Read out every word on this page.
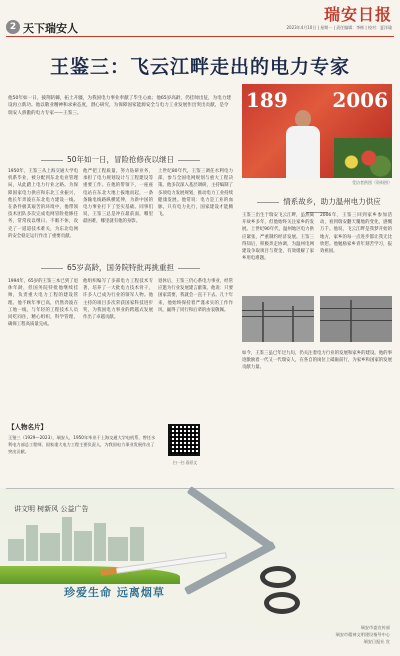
2 天下瑞安人
瑞安日报
2023年4月10日 | 星期一 | 责任编辑：李彬 | 校对：夏洋瑜
王鉴三：飞云江畔走出的电力专家
他50年如一日，披荆斩棘，拓土开疆，为我国电力事业奉献了毕生心血；他65岁高龄，仍挂帅出征，为电力建设再立新功。他以敬业精神和求索态度，潜心研究，为保障国家能源安全与电力工业发展作出突出贡献，是令瑞安人骄傲的电力专家——王鉴三。
189 2006
受访者供图（资料图）
50年如一日，冒险抢修夜以继日
1950年，王鉴三从上海交通大学电机系毕业，被分配到东北电业管理局，从此踏上电力行业之路。为保障国家电力供应和东北工业振兴，他长年奔波在东北电力建设一线。在条件极其艰苦的环境中，他带领技术团队多次完成电网冒险抢修任务，常常夜以继日、不眠不休，攻克了一道道技术难关，为东北电网的安全稳定运行作出了重要贡献。
他严把工程质量，努力钻研业务，承担了电力规划设计与工程建设等重要工作。在他的带领下，一座座电站在东北大地上拔地而起，一条条输电线路纵横延伸，为新中国的电力事业打下了坚实基础。同事们说，王鉴三总是冲在最前面，哪里最困难，哪里就有他的身影。
上世纪80年代，王鉴三调任水利电力部，参与全国电网规划与重大工程决策。他多次深入基层调研，主持编制了多项电力发展规划，推动电力工业持续健康发展。他常说：电力是工业的血脉，只有电力先行，国家建设才能腾飞。
65岁高龄，国务院特批再挑重担
1994年，65岁的王鉴三本已到了退休年龄，但国务院特批他继续挂帅，负责重大电力工程的建设管理。他不顾年事已高，仍然奔波在工地一线，与年轻的工程技术人员同吃同住，精心组织，科学管理，确保工程高质量完成。
他组织编写了多部电力工程技术专著，培养了一大批电力技术骨干，许多人已成为行业的领军人物。他主持的项目多次荣获国家科技进步奖，为我国电力事业的跨越式发展作出了卓越贡献。
退休后，王鉴三仍心系电力事业，经常应邀为行业发展建言献策。他说：只要国家需要，我就会一直干下去。几十年来，他始终保持着严谨求实的工作作风，赢得了同行和后辈的由衷敬佩。
情系故乡，助力温州电力供应
王鉴三出生于瑞安飞云江畔，虽然离开故乡多年，但他始终关注家乡的发展。上世纪90年代，温州地区电力供应紧张，严重制约经济发展。王鉴三得知后，积极奔走协调，为温州电网建设争取项目与资金，有效缓解了家乡用电难题。
2006年，王鉴三回到家乡参加活动，看到瑞安翻天覆地的变化，感慨万千。他说，飞云江畔是我梦开始的地方，家乡的每一点进步都让我无比欣慰。他勉励家乡青年刻苦学习，报效祖国。
如今，王鉴三虽已年过九旬，仍关注着电力行业的发展和家乡的建设。他的事迹激励着一代又一代瑞安人，在各自的岗位上砥砺前行，为家乡和国家的发展贡献力量。
【人物名片】
王鉴三（1929—2023），瑞安人，1950年毕业于上海交通大学电机系，曾任水利电力部总工程师、国家重大电力工程主要负责人，为我国电力事业发展作出了突出贡献。
扫一扫 看原文
讲文明 树新风 公益广告
珍爱生命 远离烟草
瑞安市委宣传部
瑞安市精神文明建设指导中心
瑞安日报社 宣
